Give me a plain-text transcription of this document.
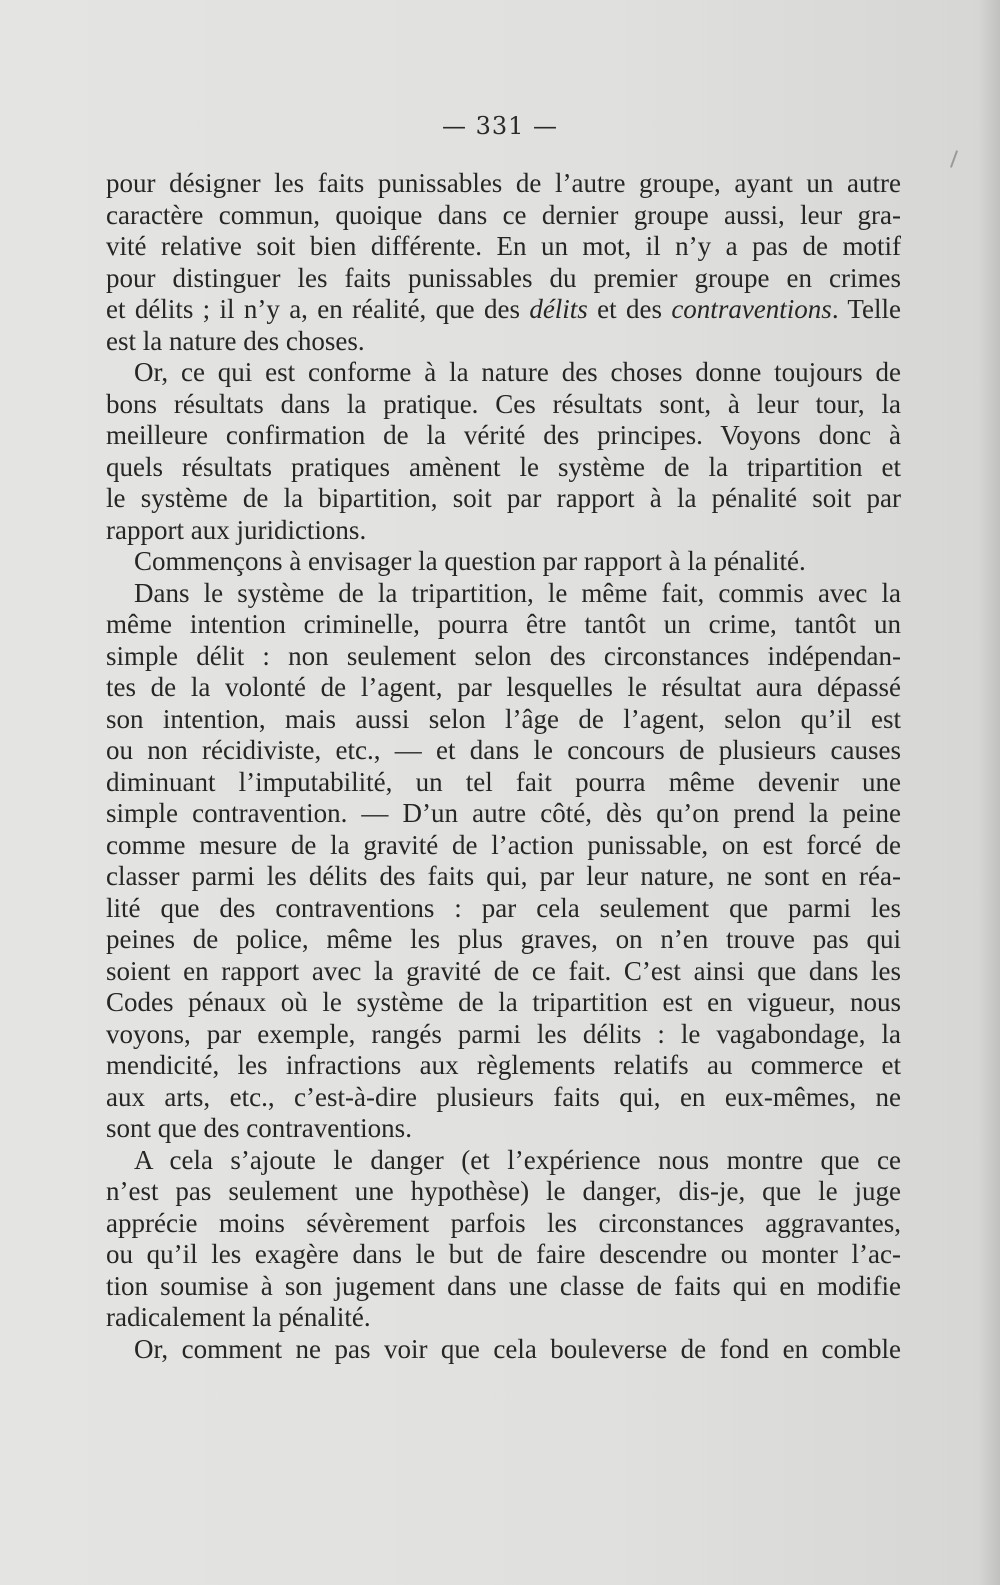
— 331 —
pour désigner les faits punissables de l’autre groupe, ayant un autre
caractère commun, quoique dans ce dernier groupe aussi, leur gra-
vité relative soit bien différente. En un mot, il n’y a pas de motif
pour distinguer les faits punissables du premier groupe en crimes
et délits ; il n’y a, en réalité, que des délits et des contraventions. Telle
est la nature des choses.
Or, ce qui est conforme à la nature des choses donne toujours de
bons résultats dans la pratique. Ces résultats sont, à leur tour, la
meilleure confirmation de la vérité des principes. Voyons donc à
quels résultats pratiques amènent le système de la tripartition et
le système de la bipartition, soit par rapport à la pénalité soit par
rapport aux juridictions.
Commençons à envisager la question par rapport à la pénalité.
Dans le système de la tripartition, le même fait, commis avec la
même intention criminelle, pourra être tantôt un crime, tantôt un
simple délit : non seulement selon des circonstances indépendan-
tes de la volonté de l’agent, par lesquelles le résultat aura dépassé
son intention, mais aussi selon l’âge de l’agent, selon qu’il est
ou non récidiviste, etc., — et dans le concours de plusieurs causes
diminuant l’imputabilité, un tel fait pourra même devenir une
simple contravention. — D’un autre côté, dès qu’on prend la peine
comme mesure de la gravité de l’action punissable, on est forcé de
classer parmi les délits des faits qui, par leur nature, ne sont en réa-
lité que des contraventions : par cela seulement que parmi les
peines de police, même les plus graves, on n’en trouve pas qui
soient en rapport avec la gravité de ce fait. C’est ainsi que dans les
Codes pénaux où le système de la tripartition est en vigueur, nous
voyons, par exemple, rangés parmi les délits : le vagabondage, la
mendicité, les infractions aux règlements relatifs au commerce et
aux arts, etc., c’est-à-dire plusieurs faits qui, en eux-mêmes, ne
sont que des contraventions.
A cela s’ajoute le danger (et l’expérience nous montre que ce
n’est pas seulement une hypothèse) le danger, dis-je, que le juge
apprécie moins sévèrement parfois les circonstances aggravantes,
ou qu’il les exagère dans le but de faire descendre ou monter l’ac-
tion soumise à son jugement dans une classe de faits qui en modifie
radicalement la pénalité.
Or, comment ne pas voir que cela bouleverse de fond en comble
